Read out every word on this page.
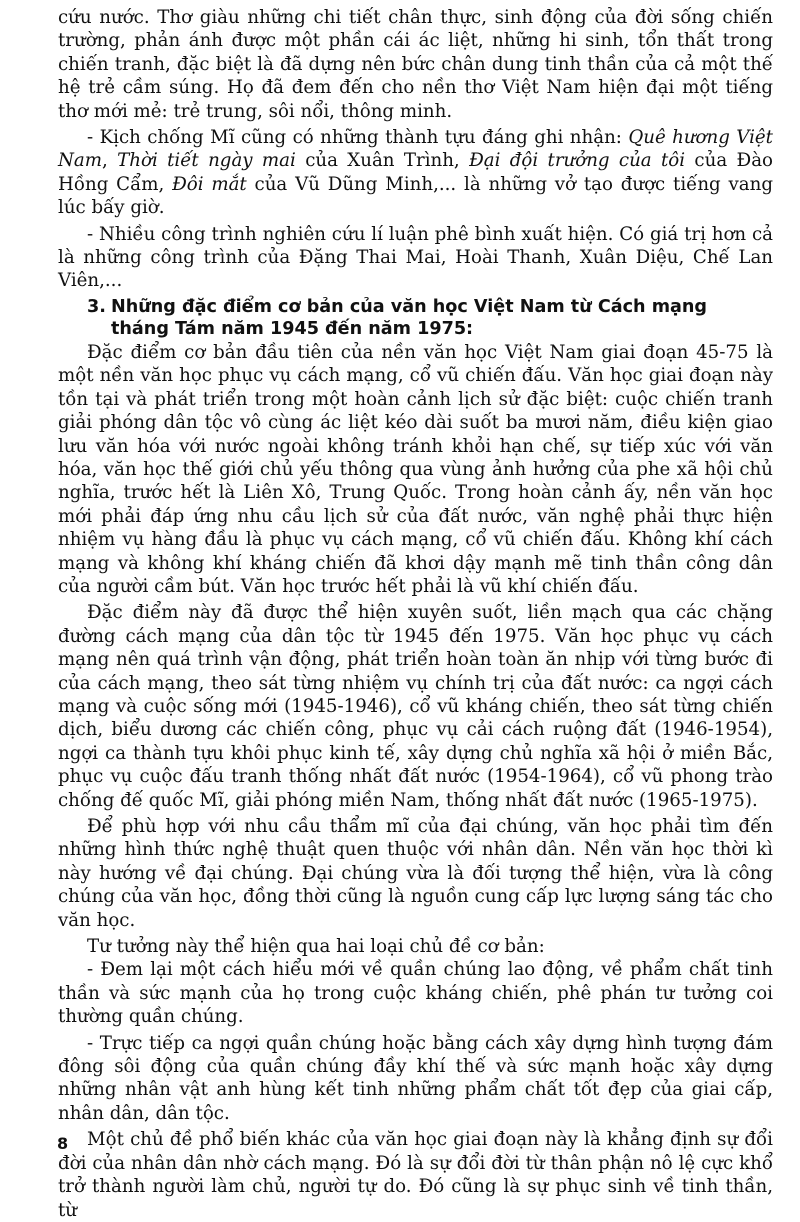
cứu nước. Thơ giàu những chi tiết chân thực, sinh động của đời sống chiến trường, phản ánh được một phần cái ác liệt, những hi sinh, tổn thất trong chiến tranh, đặc biệt là đã dựng nên bức chân dung tinh thần của cả một thế hệ trẻ cầm súng. Họ đã đem đến cho nền thơ Việt Nam hiện đại một tiếng thơ mới mẻ: trẻ trung, sôi nổi, thông minh.

- Kịch chống Mĩ cũng có những thành tựu đáng ghi nhận: Quê hương Việt Nam, Thời tiết ngày mai của Xuân Trình, Đại đội trưởng của tôi của Đào Hồng Cẩm, Đôi mắt của Vũ Dũng Minh,... là những vở tạo được tiếng vang lúc bấy giờ.

- Nhiều công trình nghiên cứu lí luận phê bình xuất hiện. Có giá trị hơn cả là những công trình của Đặng Thai Mai, Hoài Thanh, Xuân Diệu, Chế Lan Viên,...

3. Những đặc điểm cơ bản của văn học Việt Nam từ Cách mạng
tháng Tám năm 1945 đến năm 1975:

Đặc điểm cơ bản đầu tiên của nền văn học Việt Nam giai đoạn 45-75 là một nền văn học phục vụ cách mạng, cổ vũ chiến đấu. Văn học giai đoạn này tồn tại và phát triển trong một hoàn cảnh lịch sử đặc biệt: cuộc chiến tranh giải phóng dân tộc vô cùng ác liệt kéo dài suốt ba mươi năm, điều kiện giao lưu văn hóa với nước ngoài không tránh khỏi hạn chế, sự tiếp xúc với văn hóa, văn học thế giới chủ yếu thông qua vùng ảnh hưởng của phe xã hội chủ nghĩa, trước hết là Liên Xô, Trung Quốc. Trong hoàn cảnh ấy, nền văn học mới phải đáp ứng nhu cầu lịch sử của đất nước, văn nghệ phải thực hiện nhiệm vụ hàng đầu là phục vụ cách mạng, cổ vũ chiến đấu. Không khí cách mạng và không khí kháng chiến đã khơi dậy mạnh mẽ tinh thần công dân của người cầm bút. Văn học trước hết phải là vũ khí chiến đấu.

Đặc điểm này đã được thể hiện xuyên suốt, liền mạch qua các chặng đường cách mạng của dân tộc từ 1945 đến 1975. Văn học phục vụ cách mạng nên quá trình vận động, phát triển hoàn toàn ăn nhịp với từng bước đi của cách mạng, theo sát từng nhiệm vụ chính trị của đất nước: ca ngợi cách mạng và cuộc sống mới (1945-1946), cổ vũ kháng chiến, theo sát từng chiến dịch, biểu dương các chiến công, phục vụ cải cách ruộng đất (1946-1954), ngợi ca thành tựu khôi phục kinh tế, xây dựng chủ nghĩa xã hội ở miền Bắc, phục vụ cuộc đấu tranh thống nhất đất nước (1954-1964), cổ vũ phong trào chống đế quốc Mĩ, giải phóng miền Nam, thống nhất đất nước (1965-1975).

Để phù hợp với nhu cầu thẩm mĩ của đại chúng, văn học phải tìm đến những hình thức nghệ thuật quen thuộc với nhân dân. Nền văn học thời kì này hướng về đại chúng. Đại chúng vừa là đối tượng thể hiện, vừa là công chúng của văn học, đồng thời cũng là nguồn cung cấp lực lượng sáng tác cho văn học.

Tư tưởng này thể hiện qua hai loại chủ đề cơ bản:

- Đem lại một cách hiểu mới về quần chúng lao động, về phẩm chất tinh thần và sức mạnh của họ trong cuộc kháng chiến, phê phán tư tưởng coi thường quần chúng.

- Trực tiếp ca ngợi quần chúng hoặc bằng cách xây dựng hình tượng đám đông sôi động của quần chúng đầy khí thế và sức mạnh hoặc xây dựng những nhân vật anh hùng kết tinh những phẩm chất tốt đẹp của giai cấp, nhân dân, dân tộc.

Một chủ đề phổ biến khác của văn học giai đoạn này là khẳng định sự đổi đời của nhân dân nhờ cách mạng. Đó là sự đổi đời từ thân phận nô lệ cực khổ trở thành người làm chủ, người tự do. Đó cũng là sự phục sinh về tinh thần, từ

8
